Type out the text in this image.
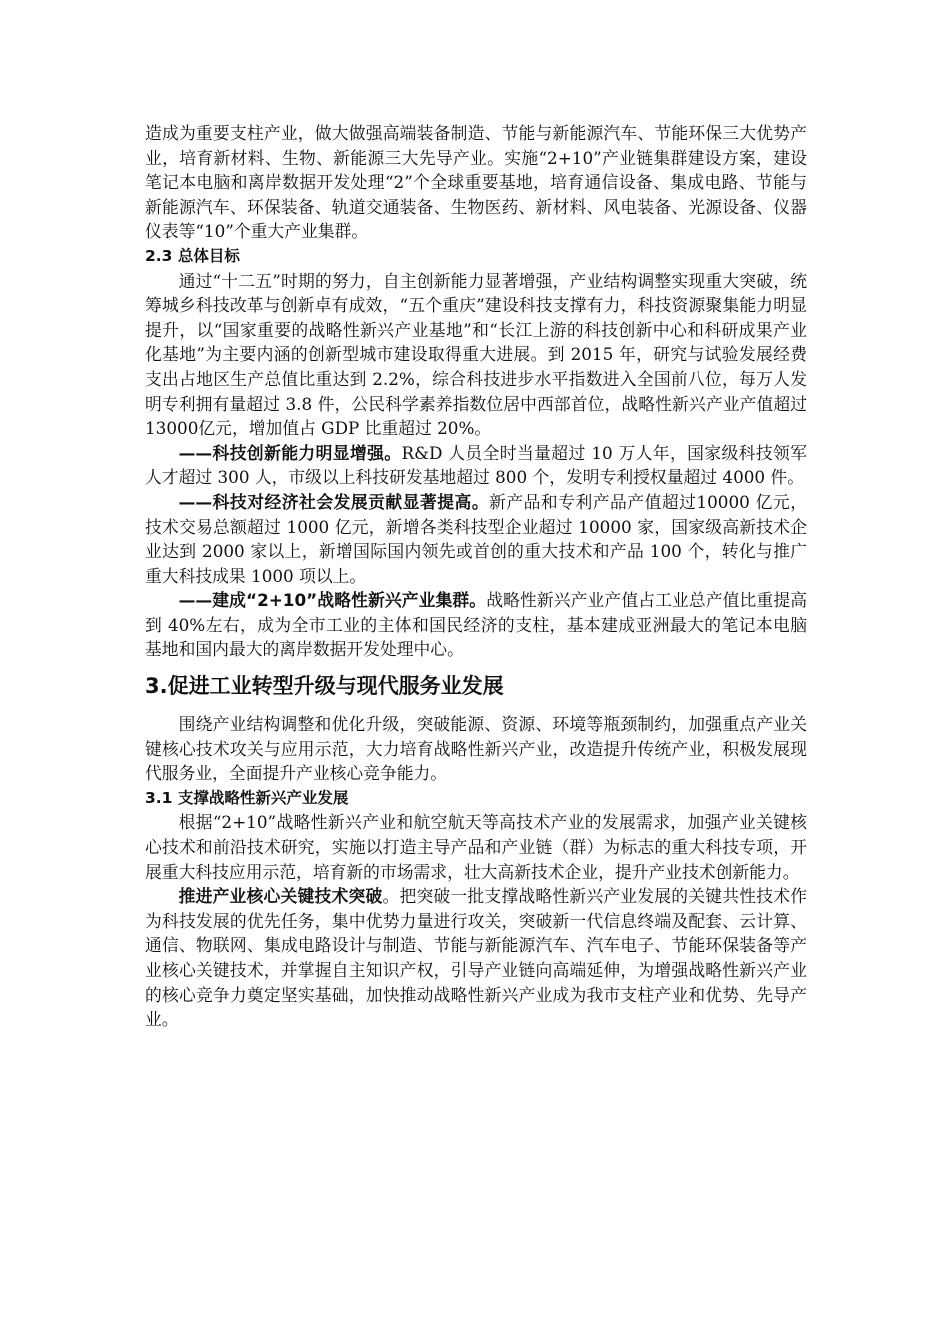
造成为重要支柱产业，做大做强高端装备制造、节能与新能源汽车、节能环保三大优势产业，培育新材料、生物、新能源三大先导产业。实施“2+10”产业链集群建设方案，建设笔记本电脑和离岸数据开发处理“2”个全球重要基地，培育通信设备、集成电路、节能与新能源汽车、环保装备、轨道交通装备、生物医药、新材料、风电装备、光源设备、仪器仪表等“10”个重大产业集群。

2.3 总体目标

通过“十二五”时期的努力，自主创新能力显著增强，产业结构调整实现重大突破，统筹城乡科技改革与创新卓有成效，“五个重庆”建设科技支撑有力，科技资源聚集能力明显提升，以“国家重要的战略性新兴产业基地”和“长江上游的科技创新中心和科研成果产业化基地”为主要内涵的创新型城市建设取得重大进展。到 2015 年，研究与试验发展经费支出占地区生产总值比重达到 2.2%，综合科技进步水平指数进入全国前八位，每万人发明专利拥有量超过 3.8 件，公民科学素养指数位居中西部首位，战略性新兴产业产值超过 13000亿元，增加值占 GDP 比重超过 20%。

——科技创新能力明显增强。R&D 人员全时当量超过 10 万人年，国家级科技领军人才超过 300 人，市级以上科技研发基地超过 800 个，发明专利授权量超过 4000 件。

——科技对经济社会发展贡献显著提高。新产品和专利产品产值超过10000 亿元，技术交易总额超过 1000 亿元，新增各类科技型企业超过 10000 家，国家级高新技术企业达到 2000 家以上，新增国际国内领先或首创的重大技术和产品 100 个，转化与推广重大科技成果 1000 项以上。

——建成“2+10”战略性新兴产业集群。战略性新兴产业产值占工业总产值比重提高到 40%左右，成为全市工业的主体和国民经济的支柱，基本建成亚洲最大的笔记本电脑基地和国内最大的离岸数据开发处理中心。

3.促进工业转型升级与现代服务业发展

围绕产业结构调整和优化升级，突破能源、资源、环境等瓶颈制约，加强重点产业关键核心技术攻关与应用示范，大力培育战略性新兴产业，改造提升传统产业，积极发展现代服务业，全面提升产业核心竞争能力。

3.1 支撑战略性新兴产业发展

根据“2+10”战略性新兴产业和航空航天等高技术产业的发展需求，加强产业关键核心技术和前沿技术研究，实施以打造主导产品和产业链（群）为标志的重大科技专项，开展重大科技应用示范，培育新的市场需求，壮大高新技术企业，提升产业技术创新能力。

推进产业核心关键技术突破。把突破一批支撑战略性新兴产业发展的关键共性技术作为科技发展的优先任务，集中优势力量进行攻关，突破新一代信息终端及配套、云计算、通信、物联网、集成电路设计与制造、节能与新能源汽车、汽车电子、节能环保装备等产业核心关键技术，并掌握自主知识产权，引导产业链向高端延伸，为增强战略性新兴产业的核心竞争力奠定坚实基础，加快推动战略性新兴产业成为我市支柱产业和优势、先导产业。
